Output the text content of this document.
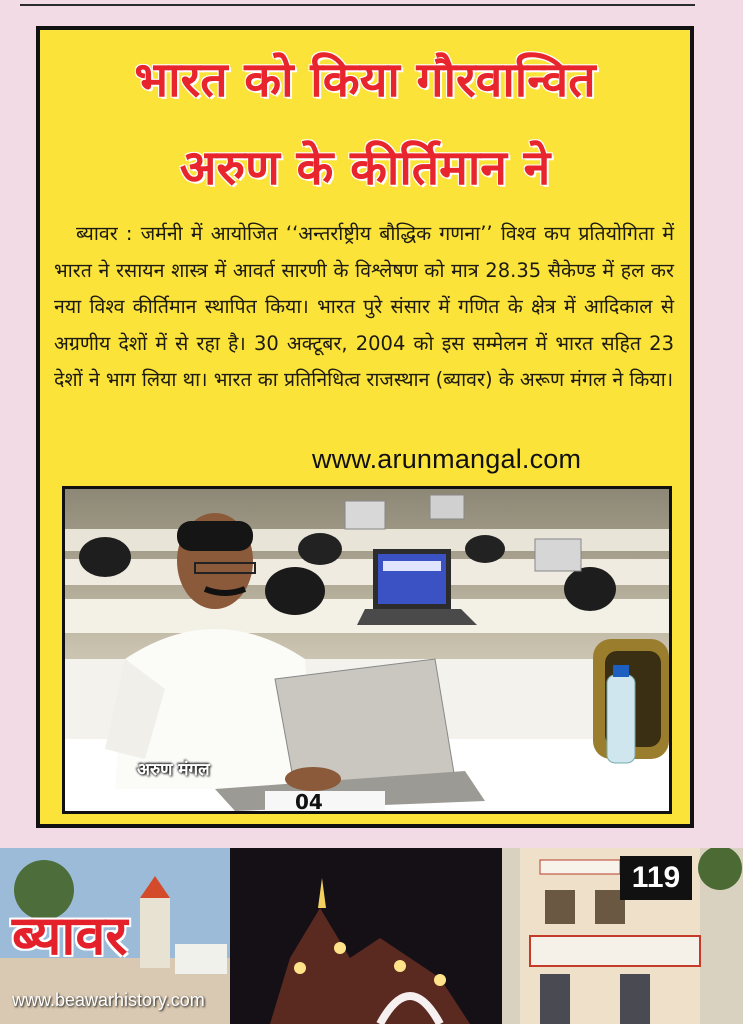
भारत को किया गौरवान्वित
अरुण के कीर्तिमान ने

ब्यावर : जर्मनी में आयोजित ‘‘अन्तर्राष्ट्रीय बौद्धिक गणना’’ विश्व कप प्रतियोगिता में भारत ने रसायन शास्त्र में आवर्त सारणी के विश्लेषण को मात्र 28.35 सैकेण्ड में हल कर नया विश्व कीर्तिमान स्थापित किया। भारत पुरे संसार में गणित के क्षेत्र में आदिकाल से अग्रणीय देशों में से रहा है। 30 अक्टूबर, 2004 को इस सम्मेलन में भारत सहित 23 देशों ने भाग लिया था। भारत का प्रतिनिधित्व राजस्थान (ब्यावर) के अरूण मंगल ने किया।

www.arunmangal.com
04
अरुण मंगल
ब्यावर
www.beawarhistory.com
119
